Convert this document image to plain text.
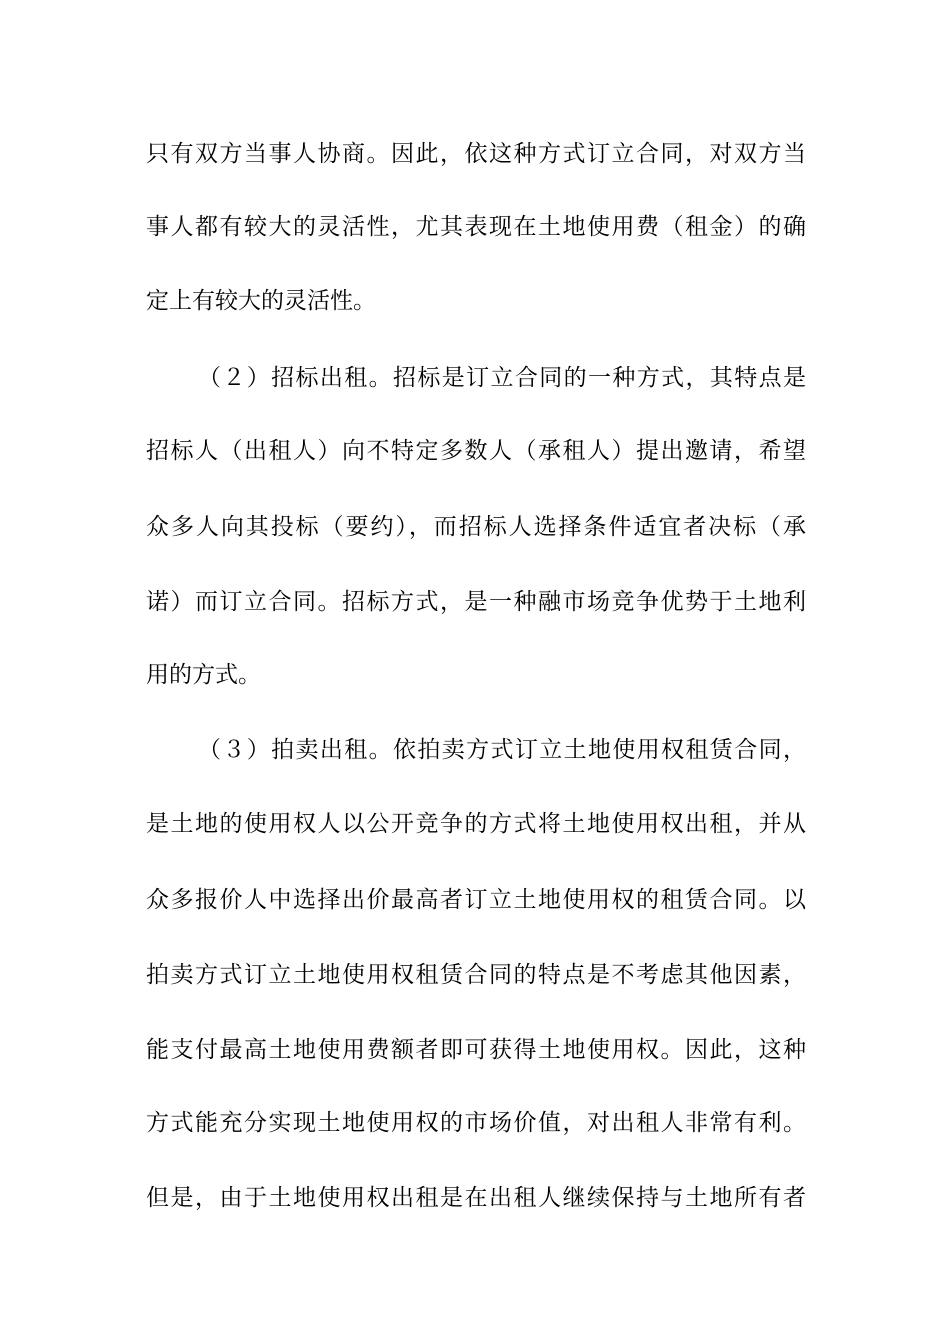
只有双方当事人协商。因此，依这种方式订立合同，对双方当
事人都有较大的灵活性，尤其表现在土地使用费（租金）的确
定上有较大的灵活性。
（２）招标出租。招标是订立合同的一种方式，其特点是
招标人（出租人）向不特定多数人（承租人）提出邀请，希望
众多人向其投标（要约），而招标人选择条件适宜者决标（承
诺）而订立合同。招标方式，是一种融市场竞争优势于土地利
用的方式。
（３）拍卖出租。依拍卖方式订立土地使用权租赁合同，
是土地的使用权人以公开竞争的方式将土地使用权出租，并从
众多报价人中选择出价最高者订立土地使用权的租赁合同。以
拍卖方式订立土地使用权租赁合同的特点是不考虑其他因素，
能支付最高土地使用费额者即可获得土地使用权。因此，这种
方式能充分实现土地使用权的市场价值，对出租人非常有利。
但是，由于土地使用权出租是在出租人继续保持与土地所有者
